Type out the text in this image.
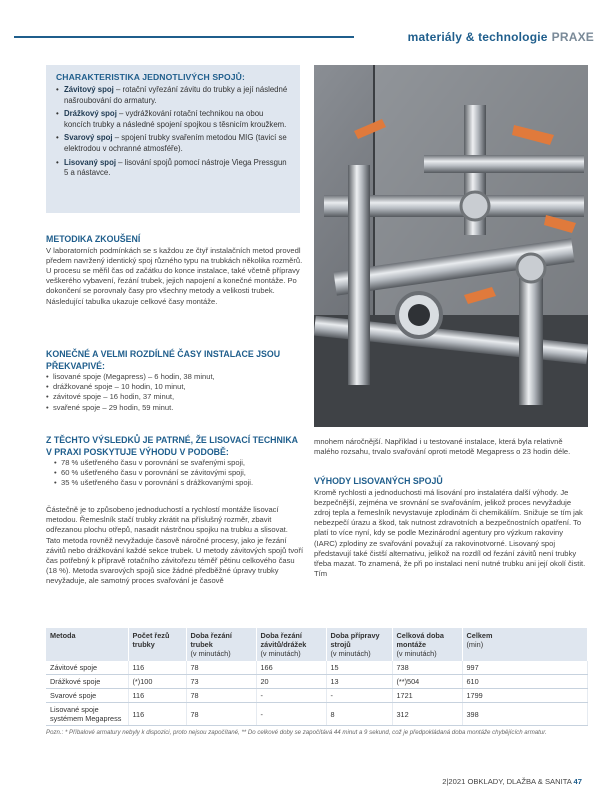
materiály & technologie PRAXE
CHARAKTERISTIKA JEDNOTLIVÝCH SPOJŮ:
• Závitový spoj – rotační vyřezání závitu do trubky a její následné našroubování do armatury.
• Drážkový spoj – vydrážkování rotační technikou na obou koncích trubky a následné spojení spojkou s těsnicím kroužkem.
• Svarový spoj – spojení trubky svařením metodou MIG (tavicí se elektrodou v ochranné atmosféře).
• Lisovaný spoj – lisování spojů pomocí nástroje Viega Pressgun 5 a nástavce.
METODIKA ZKOUŠENÍ

V laboratorních podmínkách se s každou ze čtyř instalačních metod provedl předem navržený identický spoj různého typu na trubkách několika rozměrů. U procesu se měřil čas od začátku do konce instalace, také včetně přípravy veškerého vybavení, řezání trubek, jejich napojení a konečné montáže. Po dokončení se porovnaly časy pro všechny metody a velikosti trubek. Následující tabulka ukazuje celkové časy montáže.

KONEČNÉ A VELMI ROZDÍLNÉ ČASY INSTALACE JSOU PŘEKVAPIVÉ:
• lisované spoje (Megapress) – 6 hodin, 38 minut,
• drážkované spoje – 10 hodin, 10 minut,
• závitové spoje – 16 hodin, 37 minut,
• svařené spoje – 29 hodin, 59 minut.
Z TĚCHTO VÝSLEDKŮ JE PATRNÉ, ŽE LISOVACÍ TECHNIKA V PRAXI POSKYTUJE VÝHODU V PODOBĚ:
• 78 % ušetřeného času v porovnání se svařenými spoji,
• 60 % ušetřeného času v porovnání se závitovými spoji,
• 35 % ušetřeného času v porovnání s drážkovanými spoji.

Částečně je to způsobeno jednoduchostí a rychlostí montáže lisovací metodou. Řemeslník stačí trubky zkrátit na příslušný rozměr, zbavit odřezanou plochu otřepů, nasadit nástrčnou spojku na trubku a slisovat. Tato metoda rovněž nevyžaduje časově náročné procesy, jako je řezání závitů nebo drážkování každé sekce trubek. U metody závitových spojů tvoří čas potřebný k přípravě rotačního závitořezu téměř pětinu celkového času (18 %). Metoda svarových spojů sice žádné předběžné úpravy trubky nevyžaduje, ale samotný proces svařování je časově

mnohem náročnější. Například i u testované instalace, která byla relativně malého rozsahu, trvalo svařování oproti metodě Megapress o 23 hodin déle.

VÝHODY LISOVANÝCH SPOJŮ

Kromě rychlosti a jednoduchosti má lisování pro instalatéra další výhody. Je bezpečnější, zejména ve srovnání se svařováním, jelikož proces nevyžaduje zdroj tepla a řemeslník nevystavuje zplodinám či chemikáliím. Snižuje se tím jak nebezpečí úrazu a škod, tak nutnost zdravotních a bezpečnostních opatření. To platí to více nyní, kdy se podle Mezinárodní agentury pro výzkum rakoviny (IARC) zplodiny ze svařování považují za rakovinotvorné. Lisovaný spoj představují také čistší alternativu, jelikož na rozdíl od řezání závitů není trubky třeba mazat. To znamená, že při po instalaci není nutné trubku ani její okolí čistit. Tím

Metoda	Počet řezů trubky	Doba řezání trubek
(v minutách)	Doba řezání závitů/drážek
(v minutách)	Doba přípravy strojů
(v minutách)	Celková doba montáže
(v minutách)	Celkem
(min)

Závitové spoje	116	78	166	15	738	997
Drážkové spoje	(*)100	73	20	13	(**)504	610
Svarové spoje	116	78	-	-	1721	1799
Lisované spoje systémem Megapress	116	78	-	8	312	398

Pozn.: * Příbalové armatury nebyly k dispozici, proto nejsou započítané, ** Do celkové doby se započítává 44 minut a 9 sekund, což je předpokládaná doba montáže chybějících armatur.

2|2021 OBKLADY, DLAŽBA & SANITA 47
